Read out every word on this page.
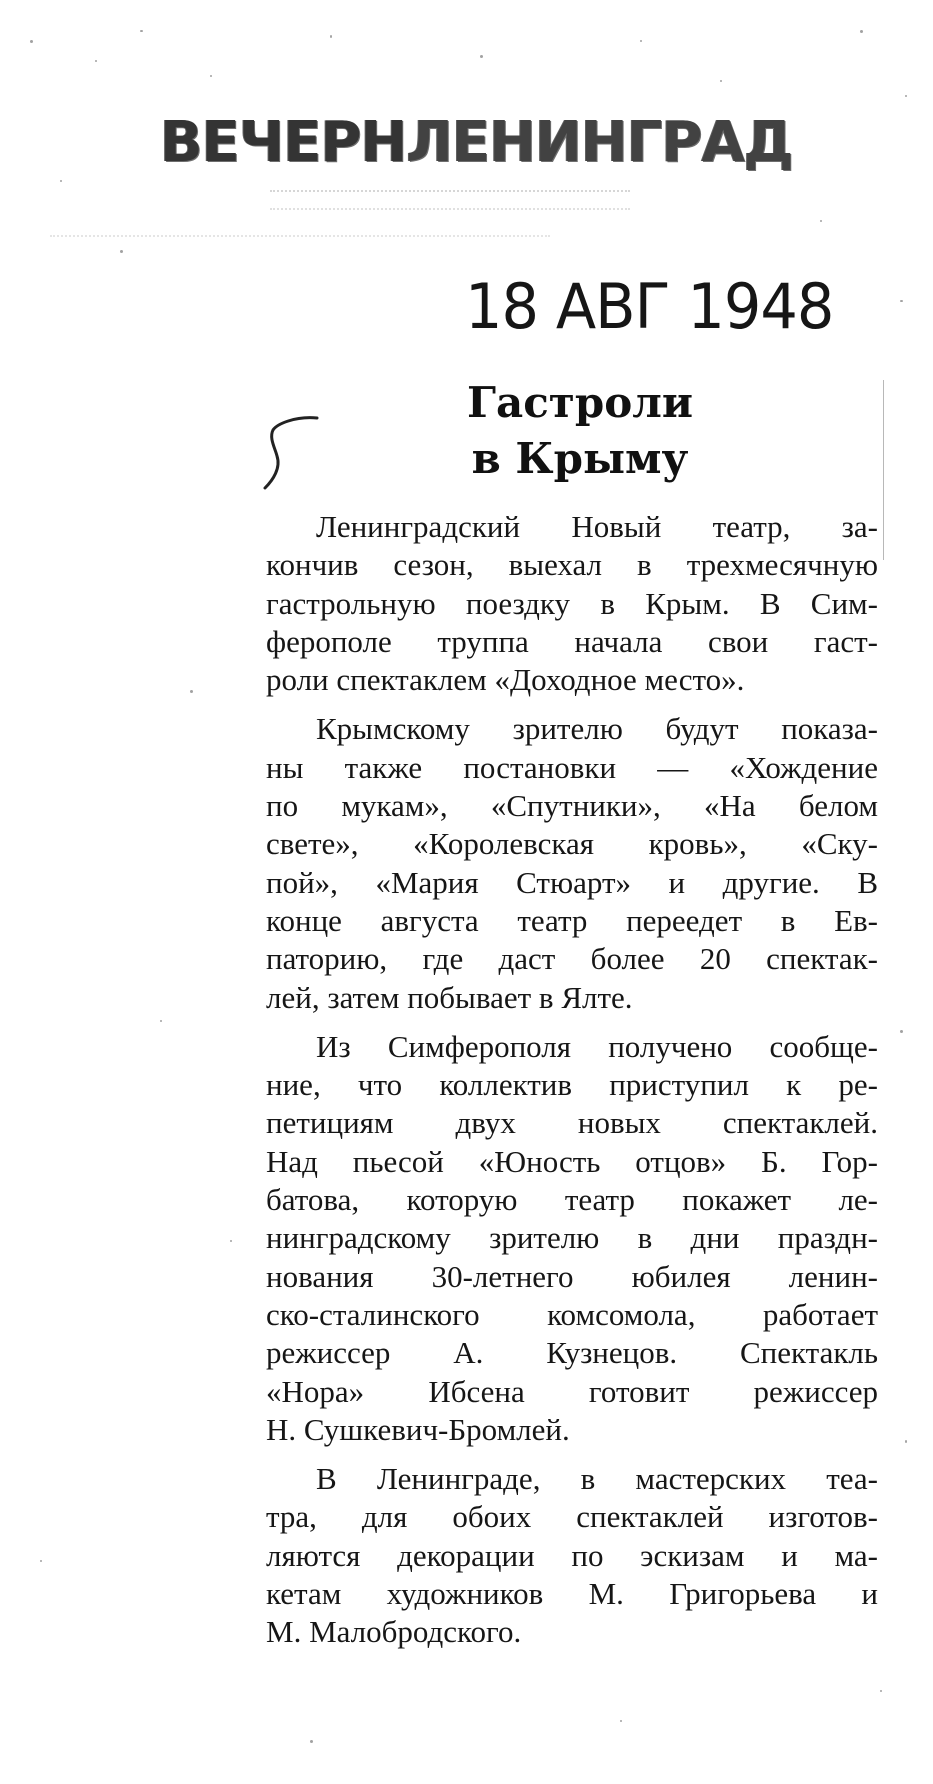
ВЕЧЕРНЛЕНИНГРАД
18 АВГ 1948
Гастроли
в Крыму
Ленинградский Новый театр, за-
кончив сезон, выехал в трехмесячную
гастрольную поездку в Крым. В Сим-
ферополе труппа начала свои гаст-
роли спектаклем «Доходное место».
Крымскому зрителю будут показа-
ны также постановки — «Хождение
по мукам», «Спутники», «На белом
свете», «Королевская кровь», «Ску-
пой», «Мария Стюарт» и другие. В
конце августа театр переедет в Ев-
паторию, где даст более 20 спектак-
лей, затем побывает в Ялте.
Из Симферополя получено сообще-
ние, что коллектив приступил к ре-
петициям двух новых спектаклей.
Над пьесой «Юность отцов» Б. Гор-
батова, которую театр покажет ле-
нинградскому зрителю в дни праздн-
нования 30-летнего юбилея ленин-
ско-сталинского комсомола, работает
режиссер А. Кузнецов. Спектакль
«Нора» Ибсена готовит режиссер
Н. Сушкевич-Бромлей.
В Ленинграде, в мастерских теа-
тра, для обоих спектаклей изготов-
ляются декорации по эскизам и ма-
кетам художников М. Григорьева и
М. Малобродского.
